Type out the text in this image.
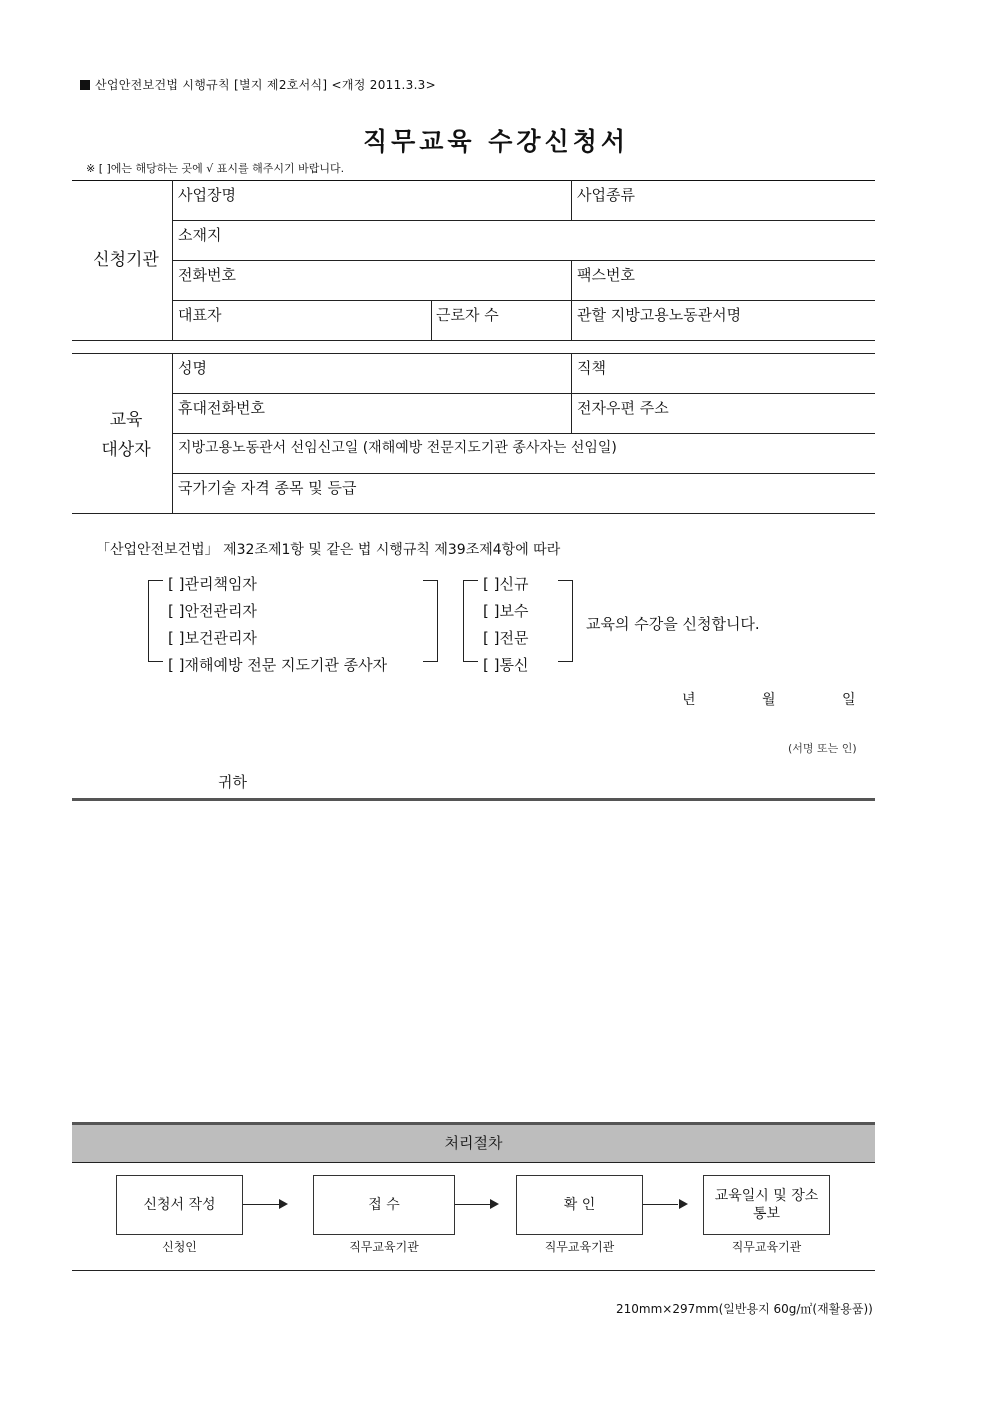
산업안전보건법 시행규칙 [별지 제2호서식] <개정 2011.3.3>
직무교육 수강신청서
※ [ ]에는 해당하는 곳에 √ 표시를 해주시기 바랍니다.
신청기관
사업장명	사업종류
소재지
전화번호	팩스번호
대표자	근로자 수	관할 지방고용노동관서명
교육
대상자
성명	직책
휴대전화번호	전자우편 주소
지방고용노동관서 선임신고일 (재해예방 전문지도기관 종사자는 선임일)
국가기술 자격 종목 및 등급
「산업안전보건법」 제32조제1항 및 같은 법 시행규칙 제39조제4항에 따라
[ ]관리책임자
[ ]안전관리자
[ ]보건관리자
[ ]재해예방 전문 지도기관 종사자
[ ]신규
[ ]보수
[ ]전문
[ ]통신
교육의 수강을 신청합니다.
년	월	일
(서명 또는 인)
귀하
처리절차
신청서 작성	접 수	확 인
교육일시 및 장소
통보
신청인	직무교육기관	직무교육기관	직무교육기관
210mm×297mm(일반용지 60g/㎡(재활용품))
